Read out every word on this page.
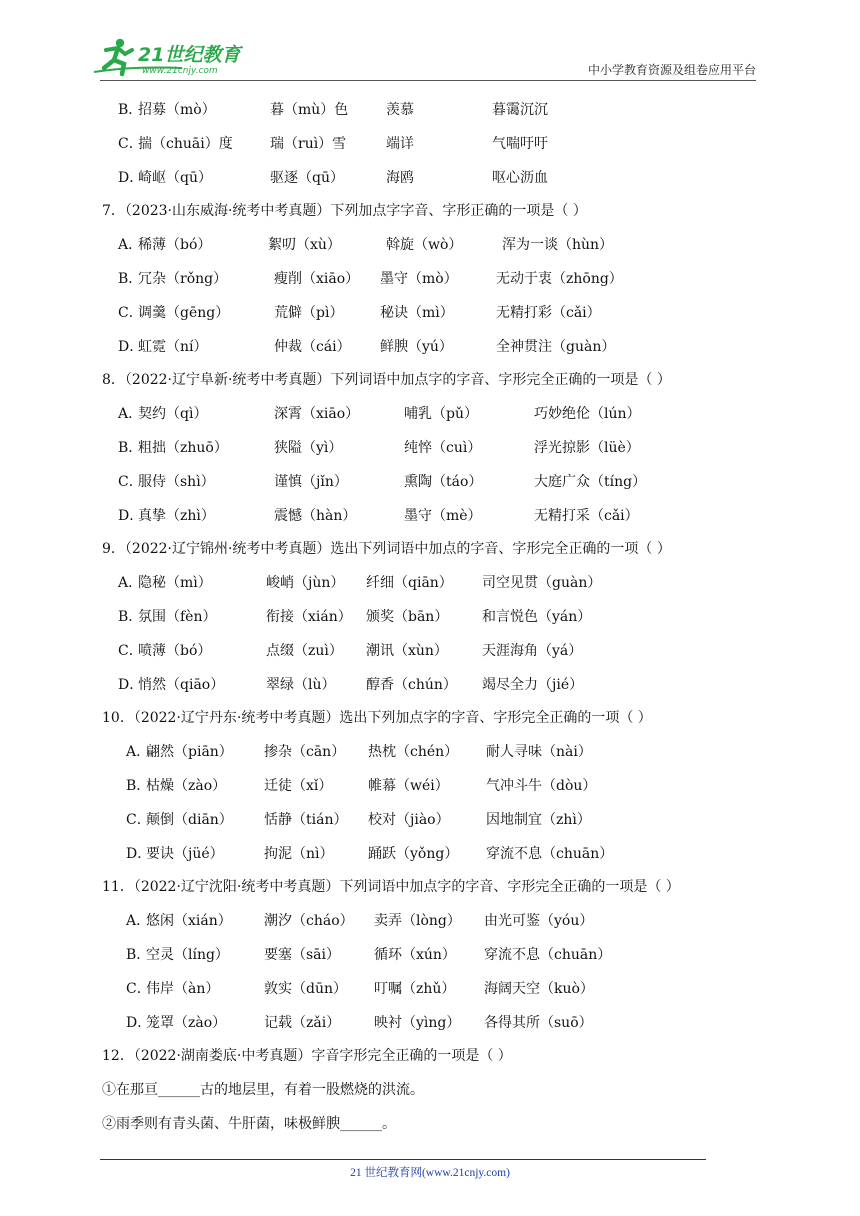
21世纪教育
www.21cnjy.com	中小学教育资源及组卷应用平台
B．招募（mò）	暮（mù）色	羡慕	暮霭沉沉
C．揣（chuāi）度	瑞（ruì）雪	端详	气喘吁吁
D．崎岖（qū）	驱逐（qū）	海鸥	呕心沥血
7．（2023·山东威海·统考中考真题）下列加点字字音、字形正确的一项是（ ）
A．稀薄（bó）	絮叨（xù）	斡旋（wò）	浑为一谈（hùn）
B．冗杂（rǒng）	瘦削（xiāo） 墨守（mò）	无动于衷（zhōng）
C．调羹（gēng）	荒僻（pì）	秘诀（mì）	无精打彩（cǎi）
D．虹霓（ní）	仲裁（cái） 鲜腴（yú）	全神贯注（guàn）
8．（2022·辽宁阜新·统考中考真题）下列词语中加点字的字音、字形完全正确的一项是（ ）
A．契约（qì）	深霄（xiāo）	哺乳（pǔ）	巧妙绝伦（lún）
B．粗拙（zhuō）	狭隘（yì）	纯悴（cuì）	浮光掠影（lüè）
C．服侍（shì）	谨慎（jǐn）	熏陶（táo）	大庭广众（tíng）
D．真挚（zhì）	震憾（hàn）	墨守（mè）	无精打采（cǎi）
9．（2022·辽宁锦州·统考中考真题）选出下列词语中加点的字音、字形完全正确的一项（ ）
A．隐秘（mì）	峻峭（jùn） 纤细（qiān） 司空见贯（guàn）
B．氛围（fèn）	衔接（xián） 颁奖（bān） 和言悦色（yán）
C．喷薄（bó）	点缀（zuì） 潮讯（xùn） 天涯海角（yá）
D．悄然（qiāo）	翠绿（lù） 醇香（chún） 竭尽全力（jié）
10．（2022·辽宁丹东·统考中考真题）选出下列加点字的字音、字形完全正确的一项（ ）
A．翩然（piān） 掺杂（cān） 热枕（chén） 耐人寻味（nài）
B．枯燥（zào）	迁徒（xǐ）	帷幕（wéi）	气冲斗牛（dòu）
C．颠倒（diān） 恬静（tián） 校对（jiào）	因地制宜（zhì）
D．要诀（jüé）	拘泥（nì） 踊跃（yǒng） 穿流不息（chuān）
11．（2022·辽宁沈阳·统考中考真题）下列词语中加点字的字音、字形完全正确的一项是（ ）
A．悠闲（xián） 潮汐（cháo） 卖弄（lòng） 由光可鉴（yóu）
B．空灵（líng）	要塞（sāi） 循环（xún） 穿流不息（chuān）
C．伟岸（àn）	敦实（dūn） 叮嘱（zhǔ） 海阔天空（kuò）
D．笼罩（zào）	记载（zǎi） 映衬（yìng） 各得其所（suō）
12．（2022·湖南娄底·中考真题）字音字形完全正确的一项是（ ）
①在那亘______古的地层里，有着一股燃烧的洪流。
②雨季则有青头菌、牛肝菌，味极鲜腴______。
21 世纪教育网(www.21cnjy.com)
